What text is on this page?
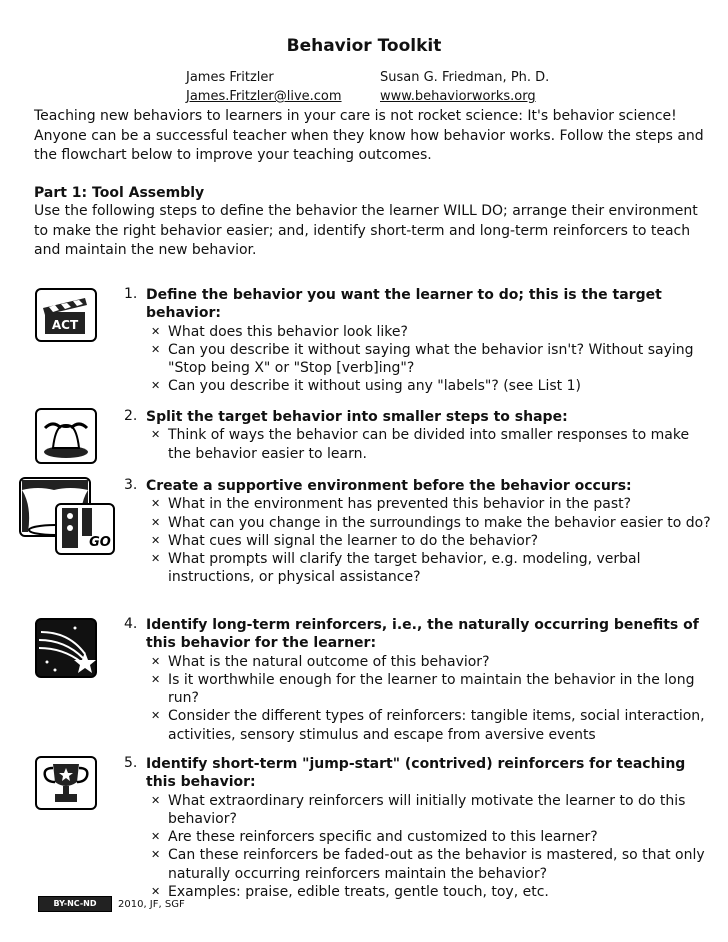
Behavior Toolkit
James Fritzler
James.Fritzler@live.com
Susan G. Friedman, Ph. D.
www.behaviorworks.org
Teaching new behaviors to learners in your care is not rocket science: It's behavior science! Anyone can be a successful teacher when they know how behavior works. Follow the steps and the flowchart below to improve your teaching outcomes.
Part 1: Tool Assembly
Use the following steps to define the behavior the learner WILL DO; arrange their environment to make the right behavior easier; and, identify short-term and long-term reinforcers to teach and maintain the new behavior.
ACT
GO
1. Define the behavior you want the learner to do; this is the target behavior:
✕ What does this behavior look like?
✕ Can you describe it without saying what the behavior isn't? Without saying "Stop being X" or "Stop [verb]ing"?
✕ Can you describe it without using any "labels"? (see List 1)
2. Split the target behavior into smaller steps to shape:
✕ Think of ways the behavior can be divided into smaller responses to make the behavior easier to learn.
3. Create a supportive environment before the behavior occurs:
✕ What in the environment has prevented this behavior in the past?
✕ What can you change in the surroundings to make the behavior easier to do?
✕ What cues will signal the learner to do the behavior?
✕ What prompts will clarify the target behavior, e.g. modeling, verbal instructions, or physical assistance?
4. Identify long-term reinforcers, i.e., the naturally occurring benefits of this behavior for the learner:
✕ What is the natural outcome of this behavior?
✕ Is it worthwhile enough for the learner to maintain the behavior in the long run?
✕ Consider the different types of reinforcers: tangible items, social interaction, activities, sensory stimulus and escape from aversive events
5. Identify short-term "jump-start" (contrived) reinforcers for teaching this behavior:
✕ What extraordinary reinforcers will initially motivate the learner to do this behavior?
✕ Are these reinforcers specific and customized to this learner?
✕ Can these reinforcers be faded-out as the behavior is mastered, so that only naturally occurring reinforcers maintain the behavior?
✕ Examples: praise, edible treats, gentle touch, toy, etc.
BY-NC-ND 2010, JF, SGF
